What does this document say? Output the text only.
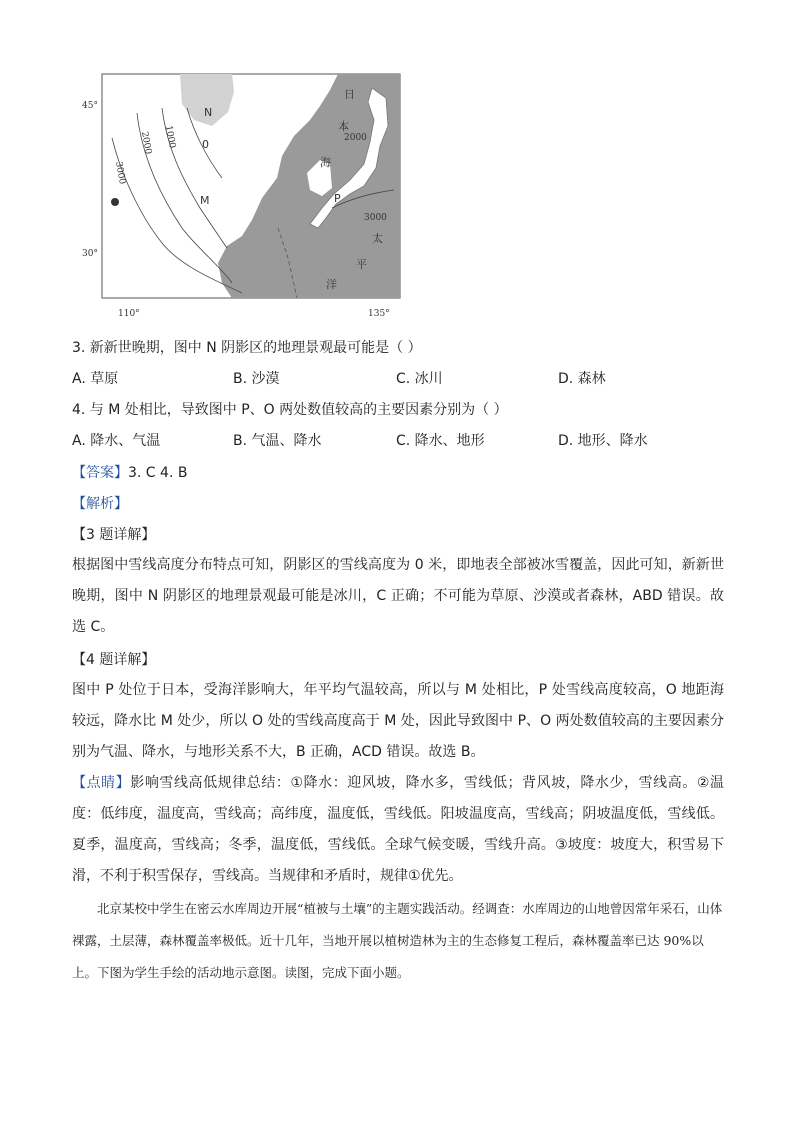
45°
30°
110°	135°
N
M	P
0
3000
2000 1000	2000
3000
日
本
海
太
平
洋
3. 新新世晚期，图中 N 阴影区的地理景观最可能是（ ）
A. 草原	B. 沙漠	C. 冰川	D. 森林
4. 与 M 处相比，导致图中 P、O 两处数值较高的主要因素分别为（ ）
A. 降水、气温	B. 气温、降水	C. 降水、地形	D. 地形、降水
【答案】3. C 4. B
【解析】
【3 题详解】
根据图中雪线高度分布特点可知，阴影区的雪线高度为 0 米，即地表全部被冰雪覆盖，因此可知，新新世晚期，图中 N 阴影区的地理景观最可能是冰川，C 正确；不可能为草原、沙漠或者森林，ABD 错误。故选 C。
【4 题详解】
图中 P 处位于日本，受海洋影响大，年平均气温较高，所以与 M 处相比，P 处雪线高度较高，O 地距海较远，降水比 M 处少，所以 O 处的雪线高度高于 M 处，因此导致图中 P、O 两处数值较高的主要因素分别为气温、降水，与地形关系不大，B 正确，ACD 错误。故选 B。
【点睛】影响雪线高低规律总结：①降水：迎风坡，降水多，雪线低；背风坡，降水少，雪线高。②温度：低纬度，温度高，雪线高；高纬度，温度低，雪线低。阳坡温度高，雪线高；阴坡温度低，雪线低。夏季，温度高，雪线高；冬季，温度低，雪线低。全球气候变暖，雪线升高。③坡度：坡度大，积雪易下滑，不利于积雪保存，雪线高。当规律和矛盾时，规律①优先。
北京某校中学生在密云水库周边开展“植被与土壤”的主题实践活动。经调查：水库周边的山地曾因常年采石，山体裸露，土层薄，森林覆盖率极低。近十几年，当地开展以植树造林为主的生态修复工程后，森林覆盖率已达 90%以上。下图为学生手绘的活动地示意图。读图，完成下面小题。
